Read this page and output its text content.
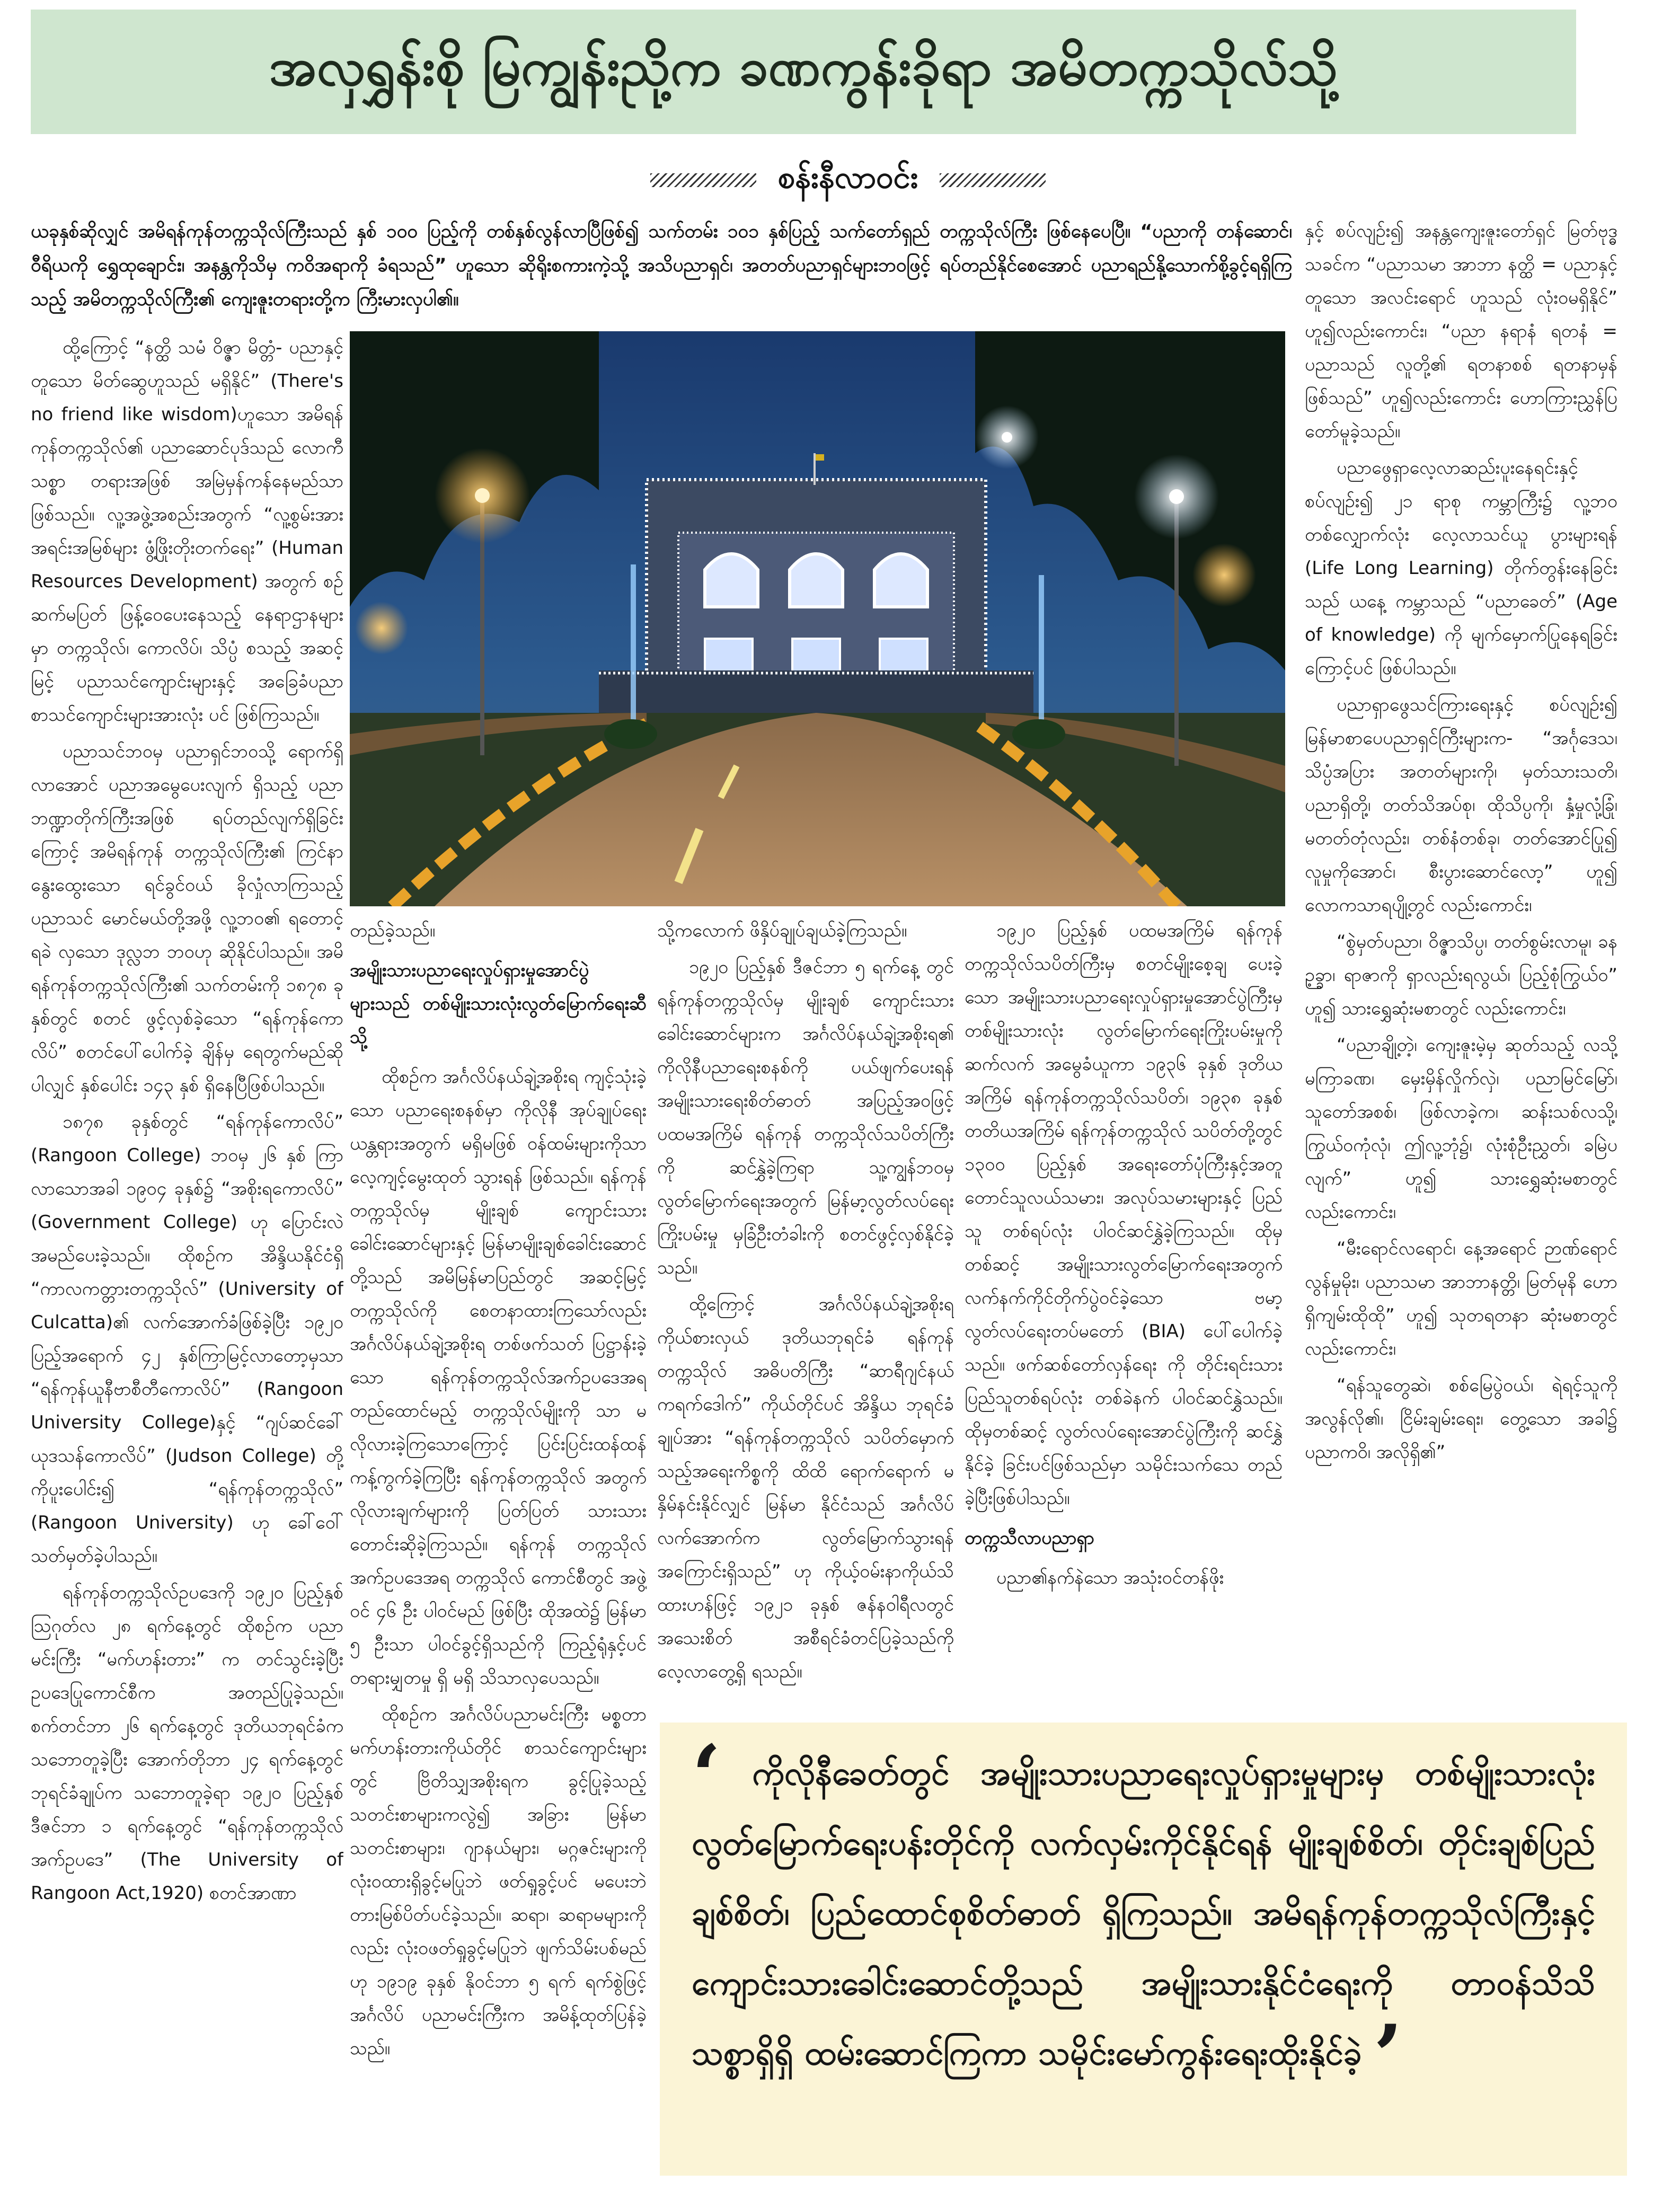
အလှရွှန်းစို မြကျွန်းညို့က ခဏကွန်းခိုရာ အမိတက္ကသိုလ်သို့
စန်းနီလာဝင်း
ယခုနှစ်ဆိုလျှင် အမိရန်ကုန်တက္ကသိုလ်ကြီးသည် နှစ် ၁၀၀ ပြည့်ကို တစ်နှစ်လွန်လာပြီဖြစ်၍ သက်တမ်း ၁၀၁ နှစ်ပြည့် သက်တော်ရှည် တက္ကသိုလ်ကြီး ဖြစ်နေပေပြီ။ “ပညာကို တန်ဆောင်၊ ဝီရိယကို ရွှေထုချောင်း၊ အနန္တကိုသိမှ ကဝိအရာကို ခံရသည်” ဟူသော ဆိုရိုးစကားကဲ့သို့ အသိပညာရှင်၊ အတတ်ပညာရှင်များဘဝဖြင့် ရပ်တည်နိုင်စေအောင် ပညာရည်နို့သောက်စို့ခွင့်ရရှိကြသည့် အမိတက္ကသိုလ်ကြီး၏ ကျေးဇူးတရားတို့က ကြီးမားလှပါ၏။

ထို့ကြောင့် “နတ္ထိ သမံ ဝိဇ္ဇာ မိတ္တံ- ပညာနှင့်တူသော မိတ်ဆွေဟူသည် မရှိနိုင်” (There's no friend like wisdom)ဟူသော အမိရန်ကုန်တက္ကသိုလ်၏ ပညာဆောင်ပုဒ်သည် လောကီသစ္စာ တရားအဖြစ် အမြဲမှန်ကန်နေမည်သာ ဖြစ်သည်။ လူ့အဖွဲ့အစည်းအတွက် “လူ့စွမ်းအားအရင်းအမြစ်များ ဖွံ့ဖြိုးတိုးတက်ရေး” (Human Resources Development) အတွက် စဉ်ဆက်မပြတ် ဖြန့်ဝေပေးနေသည့် နေရာဌာနများမှာ တက္ကသိုလ်၊ ကောလိပ်၊ သိပ္ပံ စသည့် အဆင့်မြင့် ပညာသင်ကျောင်းများနှင့် အခြေခံပညာစာသင်ကျောင်းများအားလုံး ပင် ဖြစ်ကြသည်။

ပညာသင်ဘဝမှ ပညာရှင်ဘဝသို့ ရောက်ရှိလာအောင် ပညာအမွေပေးလျက် ရှိသည့် ပညာဘဏ္ဍာတိုက်ကြီးအဖြစ် ရပ်တည်လျက်ရှိခြင်းကြောင့် အမိရန်ကုန် တက္ကသိုလ်ကြီး၏ ကြင်နာနွေးထွေးသော ရင်ခွင်ဝယ် ခိုလှုံလာကြသည့် ပညာသင် မောင်မယ်တို့အဖို့ လူ့ဘဝ၏ ရတောင့်ရခဲ လှသော ဒုလ္လဘ ဘဝဟု ဆိုနိုင်ပါသည်။ အမိရန်ကုန်တက္ကသိုလ်ကြီး၏ သက်တမ်းကို ၁၈၇၈ ခုနှစ်တွင် စတင် ဖွင့်လှစ်ခဲ့သော “ရန်ကုန်ကောလိပ်” စတင်ပေါ်ပေါက်ခဲ့ ချိန်မှ ရေတွက်မည်ဆိုပါလျှင် နှစ်ပေါင်း ၁၄၃ နှစ် ရှိနေပြီဖြစ်ပါသည်။

၁၈၇၈ ခုနှစ်တွင် “ရန်ကုန်ကောလိပ်” (Rangoon College) ဘဝမှ ၂၆ နှစ် ကြာလာသောအခါ ၁၉၀၄ ခုနှစ်၌ “အစိုးရကောလိပ်” (Government College) ဟု ပြောင်းလဲအမည်ပေးခဲ့သည်။ ထိုစဉ်က အိန္ဒိယနိုင်ငံရှိ “ကာလကတ္တားတက္ကသိုလ်” (University of Culcatta)၏ လက်အောက်ခံဖြစ်ခဲ့ပြီး ၁၉၂၀ ပြည့်အရောက် ၄၂ နှစ်ကြာမြင့်လာတော့မှသာ “ရန်ကုန်ယူနီဗာစီတီကောလိပ်” (Rangoon University College)နှင့် “ဂျပ်ဆင်ခေါ် ယုဒသန်ကောလိပ်” (Judson College) တို့ကိုပူးပေါင်း၍ “ရန်ကုန်တက္ကသိုလ်” (Rangoon University) ဟု ခေါ်ဝေါ် သတ်မှတ်ခဲ့ပါသည်။

ရန်ကုန်တက္ကသိုလ်ဥပဒေကို ၁၉၂၀ ပြည့်နှစ် သြဂုတ်လ ၂၈ ရက်နေ့တွင် ထိုစဉ်က ပညာမင်းကြီး “မက်ဟန်းတား” က တင်သွင်းခဲ့ပြီး ဥပဒေပြုကောင်စီက အတည်ပြုခဲ့သည်။ စက်တင်ဘာ ၂၆ ရက်နေ့တွင် ဒုတိယဘုရင်ခံက သဘောတူခဲ့ပြီး အောက်တိုဘာ ၂၄ ရက်နေ့တွင် ဘုရင်ခံချုပ်က သဘောတူခဲ့ရာ ၁၉၂၀ ပြည့်နှစ် ဒီဇင်ဘာ ၁ ရက်နေ့တွင် “ရန်ကုန်တက္ကသိုလ်အက်ဥပဒေ” (The University of Rangoon Act,1920) စတင်အာဏာ

တည်ခဲ့သည်။

အမျိုးသားပညာရေးလှုပ်ရှားမှုအောင်ပွဲများသည် တစ်မျိုးသားလုံးလွတ်မြောက်ရေးဆီသို့

ထိုစဉ်က အင်္ဂလိပ်နယ်ချဲ့အစိုးရ ကျင့်သုံးခဲ့သော ပညာရေးစနစ်မှာ ကိုလိုနီ အုပ်ချုပ်ရေးယန္တရားအတွက် မရှိမဖြစ် ဝန်ထမ်းများကိုသာ လေ့ကျင့်မွေးထုတ် သွားရန် ဖြစ်သည်။ ရန်ကုန်တက္ကသိုလ်မှ မျိုးချစ် ကျောင်းသားခေါင်းဆောင်များနှင့် မြန်မာမျိုးချစ်ခေါင်းဆောင်တို့သည် အမိမြန်မာပြည်တွင် အဆင့်မြင့်တက္ကသိုလ်ကို စေတနာထားကြသော်လည်း အင်္ဂလိပ်နယ်ချဲ့အစိုးရ တစ်ဖက်သတ် ပြဋ္ဌာန်းခဲ့သော ရန်ကုန်တက္ကသိုလ်အက်ဥပဒေအရ တည်ထောင်မည့် တက္ကသိုလ်မျိုးကို သာ မလိုလားခဲ့ကြသောကြောင့် ပြင်းပြင်းထန်ထန် ကန့်ကွက်ခဲ့ကြပြီး ရန်ကုန်တက္ကသိုလ် အတွက် လိုလားချက်များကို ပြတ်ပြတ် သားသား တောင်းဆိုခဲ့ကြသည်။ ရန်ကုန် တက္ကသိုလ်အက်ဥပဒေအရ တက္ကသိုလ် ကောင်စီတွင် အဖွဲ့ဝင် ၄၆ ဦး ပါဝင်မည် ဖြစ်ပြီး ထိုအထဲ၌ မြန်မာ ၅ ဦးသာ ပါဝင်ခွင့်ရှိသည်ကို ကြည့်ရုံနှင့်ပင် တရားမျှတမှု ရှိ မရှိ သိသာလှပေသည်။

ထိုစဉ်က အင်္ဂလိပ်ပညာမင်းကြီး မစ္စတာ မက်ဟန်းတားကိုယ်တိုင် စာသင်ကျောင်းများတွင် ဗြိတိသျှအစိုးရက ခွင့်ပြုခဲ့သည့် သတင်းစာများကလွဲ၍ အခြား မြန်မာသတင်းစာများ၊ ဂျာနယ်များ၊ မဂ္ဂဇင်းများကို လုံးဝထားရှိခွင့်မပြုဘဲ ဖတ်ရှုခွင့်ပင် မပေးဘဲ တားမြစ်ပိတ်ပင်ခဲ့သည်။ ဆရာ၊ ဆရာမများကိုလည်း လုံးဝဖတ်ရှုခွင့်မပြုဘဲ ဖျက်သိမ်းပစ်မည်ဟု ၁၉၁၉ ခုနှစ် နိုဝင်ဘာ ၅ ရက် ရက်စွဲဖြင့် အင်္ဂလိပ် ပညာမင်းကြီးက အမိန့်ထုတ်ပြန်ခဲ့သည်။

သို့ကလောက် ဖိနှိပ်ချုပ်ချယ်ခဲ့ကြသည်။

၁၉၂၀ ပြည့်နှစ် ဒီဇင်ဘာ ၅ ရက်နေ့ တွင် ရန်ကုန်တက္ကသိုလ်မှ မျိုးချစ် ကျောင်းသားခေါင်းဆောင်များက အင်္ဂလိပ်နယ်ချဲ့အစိုးရ၏ ကိုလိုနီပညာရေးစနစ်ကို ပယ်ဖျက်ပေးရန် အမျိုးသားရေးစိတ်ဓာတ် အပြည့်အဝဖြင့် ပထမအကြိမ် ရန်ကုန် တက္ကသိုလ်သပိတ်ကြီးကို ဆင်နွှဲခဲ့ကြရာ သူ့ကျွန်ဘဝမှ လွတ်မြောက်ရေးအတွက် မြန်မာ့လွတ်လပ်ရေးကြိုးပမ်းမှု မှခြံဦးတံခါးကို စတင်ဖွင့်လှစ်နိုင်ခဲ့သည်။

ထို့ကြောင့် အင်္ဂလိပ်နယ်ချဲ့အစိုးရ ကိုယ်စားလှယ် ဒုတိယဘုရင်ခံ ရန်ကုန် တက္ကသိုလ် အဓိပတိကြီး “ဆာရီဂျင်နယ် ကရက်ဒေါက်” ကိုယ်တိုင်ပင် အိန္ဒိယ ဘုရင်ခံချုပ်အား “ရန်ကုန်တက္ကသိုလ် သပိတ်မှောက်သည့်အရေးကိစ္စကို ထိထိ ရောက်ရောက် မနှိမ်နင်းနိုင်လျှင် မြန်မာ နိုင်ငံသည် အင်္ဂလိပ်လက်အောက်က လွတ်မြောက်သွားရန် အကြောင်းရှိသည်” ဟု ကိုယ့်ဝမ်းနာကိုယ်သိထားဟန်ဖြင့် ၁၉၂၁ ခုနှစ် ဇန်နဝါရီလတွင် အသေးစိတ် အစီရင်ခံတင်ပြခဲ့သည်ကို လေ့လာတွေ့ရှိ ရသည်။

၁၉၂၀ ပြည့်နှစ် ပထမအကြိမ် ရန်ကုန် တက္ကသိုလ်သပိတ်ကြီးမှ စတင်မျိုးစေ့ချ ပေးခဲ့သော အမျိုးသားပညာရေးလှုပ်ရှားမှုအောင်ပွဲကြီးမှ တစ်မျိုးသားလုံး လွတ်မြောက်ရေးကြိုးပမ်းမှုကို ဆက်လက် အမွေခံယူကာ ၁၉၃၆ ခုနှစ် ဒုတိယအကြိမ် ရန်ကုန်တက္ကသိုလ်သပိတ်၊ ၁၉၃၈ ခုနှစ် တတိယအကြိမ် ရန်ကုန်တက္ကသိုလ် သပိတ်တို့တွင် ၁၃၀၀ ပြည့်နှစ် အရေးတော်ပုံကြီးနှင့်အတူ တောင်သူလယ်သမား၊ အလုပ်သမားများနှင့် ပြည်သူ တစ်ရပ်လုံး ပါဝင်ဆင်နွှဲခဲ့ကြသည်။ ထိုမှ တစ်ဆင့် အမျိုးသားလွတ်မြောက်ရေးအတွက် လက်နက်ကိုင်တိုက်ပွဲဝင်ခဲ့သော ဗမာ့လွတ်လပ်ရေးတပ်မတော် (BIA) ပေါ်ပေါက်ခဲ့သည်။ ဖက်ဆစ်တော်လှန်ရေး ကို တိုင်းရင်းသားပြည်သူတစ်ရပ်လုံး တစ်ခဲနက် ပါဝင်ဆင်နွှဲသည်။ ထိုမှတစ်ဆင့် လွတ်လပ်ရေးအောင်ပွဲကြီးကို ဆင်နွှဲနိုင်ခဲ့ ခြင်းပင်ဖြစ်သည်မှာ သမိုင်းသက်သေ တည်ခဲ့ပြီးဖြစ်ပါသည်။

တက္ကသီလာပညာရှာ

ပညာ၏နက်နဲသော အသုံးဝင်တန်ဖိုး

နှင့် စပ်လျဉ်း၍ အနန္တကျေးဇူးတော်ရှင် မြတ်ဗုဒ္ဓ သခင်က “ပညာသမာ အာဘာ နတ္ထိ = ပညာနှင့်တူသော အလင်းရောင် ဟူသည် လုံးဝမရှိနိုင်” ဟူ၍လည်းကောင်း၊ “ပညာ နရာနံ ရတနံ = ပညာသည် လူတို့၏ ရတနာစစ် ရတနာမှန် ဖြစ်သည်” ဟူ၍လည်းကောင်း ဟောကြားညွှန်ပြတော်မူခဲ့သည်။

ပညာဖွေရှာလေ့လာဆည်းပူးနေရင်းနှင့် စပ်လျဉ်း၍ ၂၁ ရာစု ကမ္ဘာကြီး၌ လူ့ဘဝ တစ်လျှောက်လုံး လေ့လာသင်ယူ ပွားများရန် (Life Long Learning) တိုက်တွန်းနေခြင်းသည် ယနေ့ ကမ္ဘာသည် “ပညာခေတ်” (Age of knowledge) ကို မျက်မှောက်ပြုနေရခြင်းကြောင့်ပင် ဖြစ်ပါသည်။

ပညာရှာဖွေသင်ကြားရေးနှင့် စပ်လျဉ်း၍ မြန်မာစာပေပညာရှင်ကြီးများက- “အင်္ဂုဒေသ၊ သိပ္ပံအပြား အတတ်များကို၊ မှတ်သားသတိ၊ ပညာရှိတို့၊ တတ်သိအပ်စု၊ ထိုသိပ္ပကို၊ နှံ့မှုလုံ့ခြုံ၊ မတတ်တုံလည်း၊ တစ်နံတစ်ခု၊ တတ်အောင်ပြု၍ လူမှုကိုအောင်၊ စီးပွားဆောင်လော့” ဟူ၍ လောကသာရပျို့တွင် လည်းကောင်း၊

“စွဲမှတ်ပညာ၊ ဝိဇ္ဇာသိပ္ပ၊ တတ်စွမ်းလာမူ၊ ခနဉ့ခ္ခာ၊ ရာဇာကို ရှာလည်းရလွယ်၊ ပြည့်စုံကြွယ်ဝ” ဟူ၍ သားရွှေဆုံးမစာတွင် လည်းကောင်း၊

“ပညာချို့တဲ့၊ ကျေးဇူးမဲ့မှ ဆုတ်သည့် လသို့ မကြာခဏ၊ မှေးမှိန်လှိုက်လှဲ၊ ပညာမြင်မြော်၊ သူတော်အစစ်၊ ဖြစ်လာခဲ့က၊ ဆန်းသစ်လသို့၊ ကြွယ်ဝကုံလုံ၊ ဤလူ့ဘုံ၌၊ လုံးစုံဦးညွှတ်၊ ခမြဲပလျက်” ဟူ၍ သားရွှေဆုံးမစာတွင် လည်းကောင်း၊

“မီးရောင်လရောင်၊ နေ့အရောင် ဉာဏ်ရောင် လွန်မှုမိုး၊ ပညာသမာ အာဘာနတ္တိ၊ မြတ်မုနိ ဟောရှိကျမ်းထိုထို” ဟူ၍ သုတရတနာ ဆုံးမစာတွင် လည်းကောင်း၊

“ရန်သူတွေဆဲ၊ စစ်မြေပွဲဝယ်၊ ရဲရင့်သူကို အလွန်လို၏၊ ငြိမ်းချမ်းရေး၊ တွေ့သော အခါ၌ ပညာကဝိ၊ အလိုရှိ၏”

‘ ကိုလိုနီခေတ်တွင် အမျိုးသားပညာရေးလှုပ်ရှားမှုများမှ တစ်မျိုးသားလုံး လွတ်မြောက်ရေးပန်းတိုင်ကို လက်လှမ်းကိုင်နိုင်ရန် မျိုးချစ်စိတ်၊ တိုင်းချစ်ပြည်ချစ်စိတ်၊ ပြည်ထောင်စုစိတ်ဓာတ် ရှိကြသည်။ အမိရန်ကုန်တက္ကသိုလ်ကြီးနှင့် ကျောင်းသားခေါင်းဆောင်တို့သည် အမျိုးသားနိုင်ငံရေးကို တာဝန်သိသိ သစ္စာရှိရှိ ထမ်းဆောင်ကြကာ သမိုင်းမော်ကွန်းရေးထိုးနိုင်ခဲ့ ’
